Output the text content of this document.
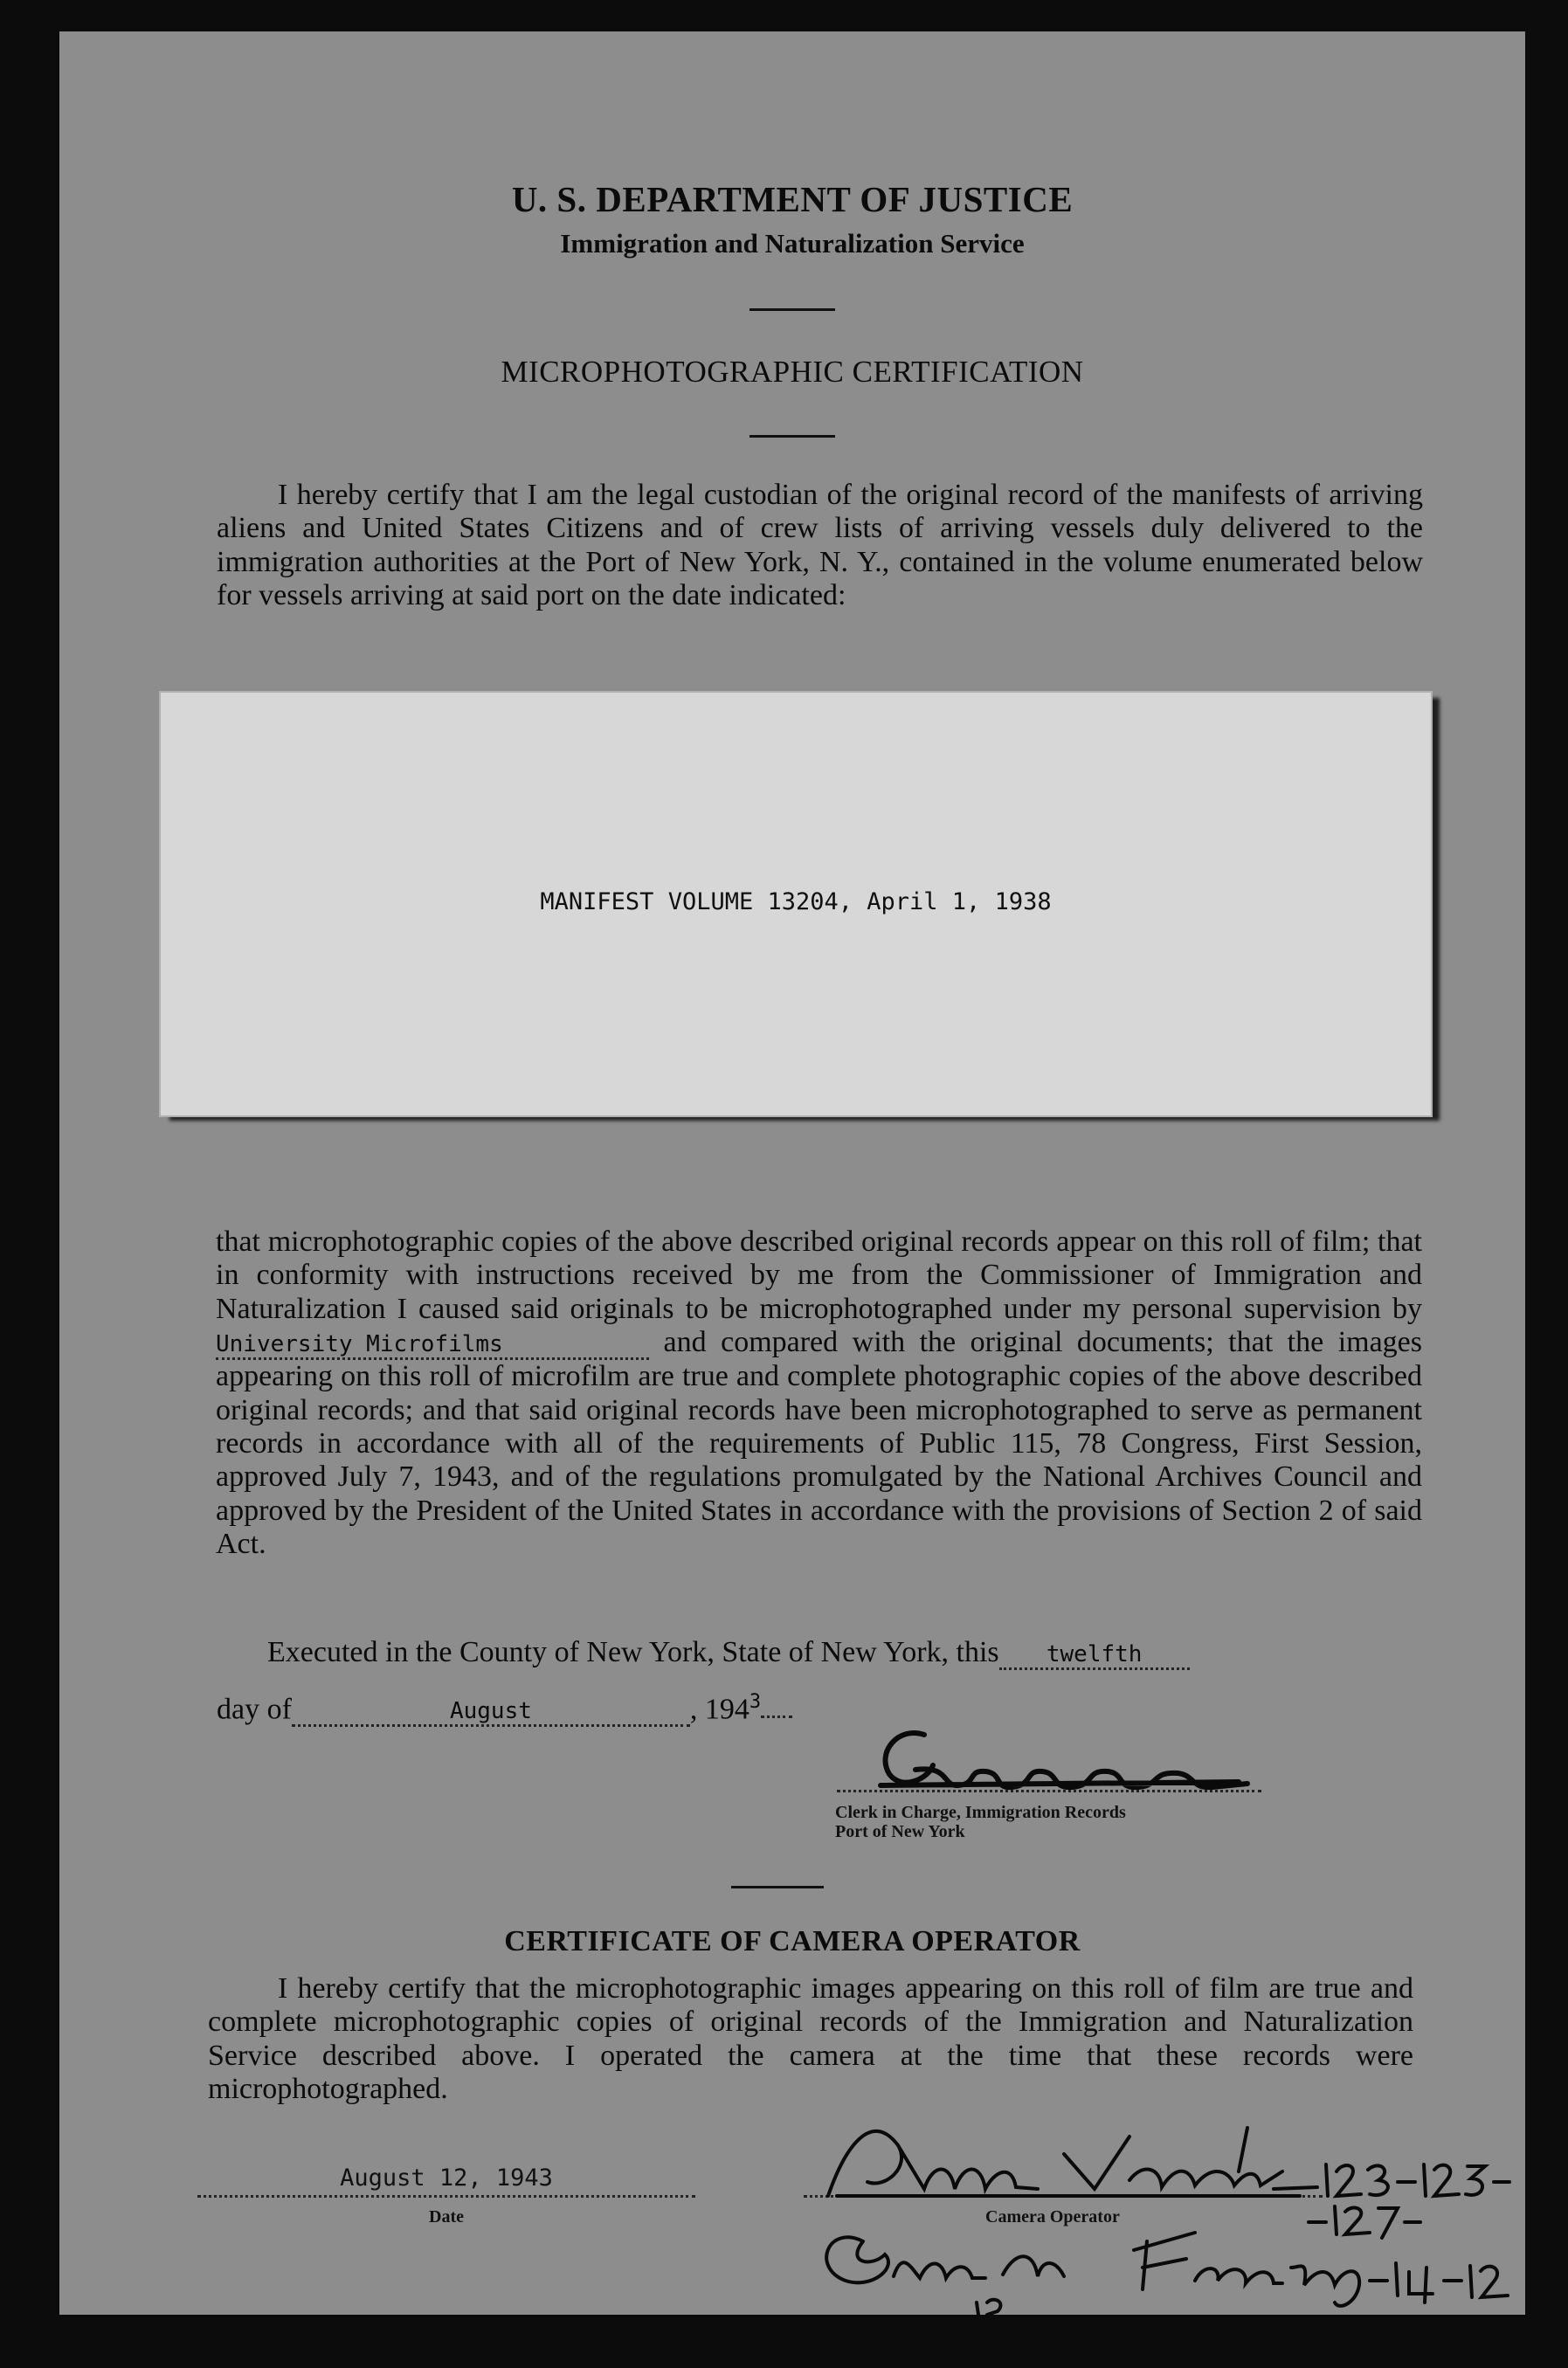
U. S. DEPARTMENT OF JUSTICE
Immigration and Naturalization Service
MICROPHOTOGRAPHIC CERTIFICATION

I hereby certify that I am the legal custodian of the original record of the manifests of arriving aliens and United States Citizens and of crew lists of arriving vessels duly delivered to the immigration authorities at the Port of New York, N. Y., contained in the volume enumerated below for vessels arriving at said port on the date indicated:

MANIFEST VOLUME 13204, April 1, 1938

that microphotographic copies of the above described original records appear on this roll of film; that in conformity with instructions received by me from the Commissioner of Immigration and Naturalization I caused said originals to be microphotographed under my personal supervision byUniversity Microfilms	and compared with the original documents; that the images appearing on this roll of microfilm are true and complete photographic copies of the above described original records; and that said original records have been microphotographed to serve as permanent records in accordance with all of the requirements of Public 115, 78 Congress, First Session, approved July 7, 1943, and of the regulations promulgated by the National Archives Council and approved by the President of the United States in accordance with the provisions of Section 2 of said Act.

Executed in the County of New York, State of New York, this twelfth
day of	August	, $194^3$
Clerk in Charge, Immigration Records
Port of New York
CERTIFICATE OF CAMERA OPERATOR

I hereby certify that the microphotographic images appearing on this roll of film are true and complete microphotographic copies of original records of the Immigration and Naturalization Service described above. I operated the camera at the time that these records were microphotographed.

August 12, 1943
Date	Camera Operator
